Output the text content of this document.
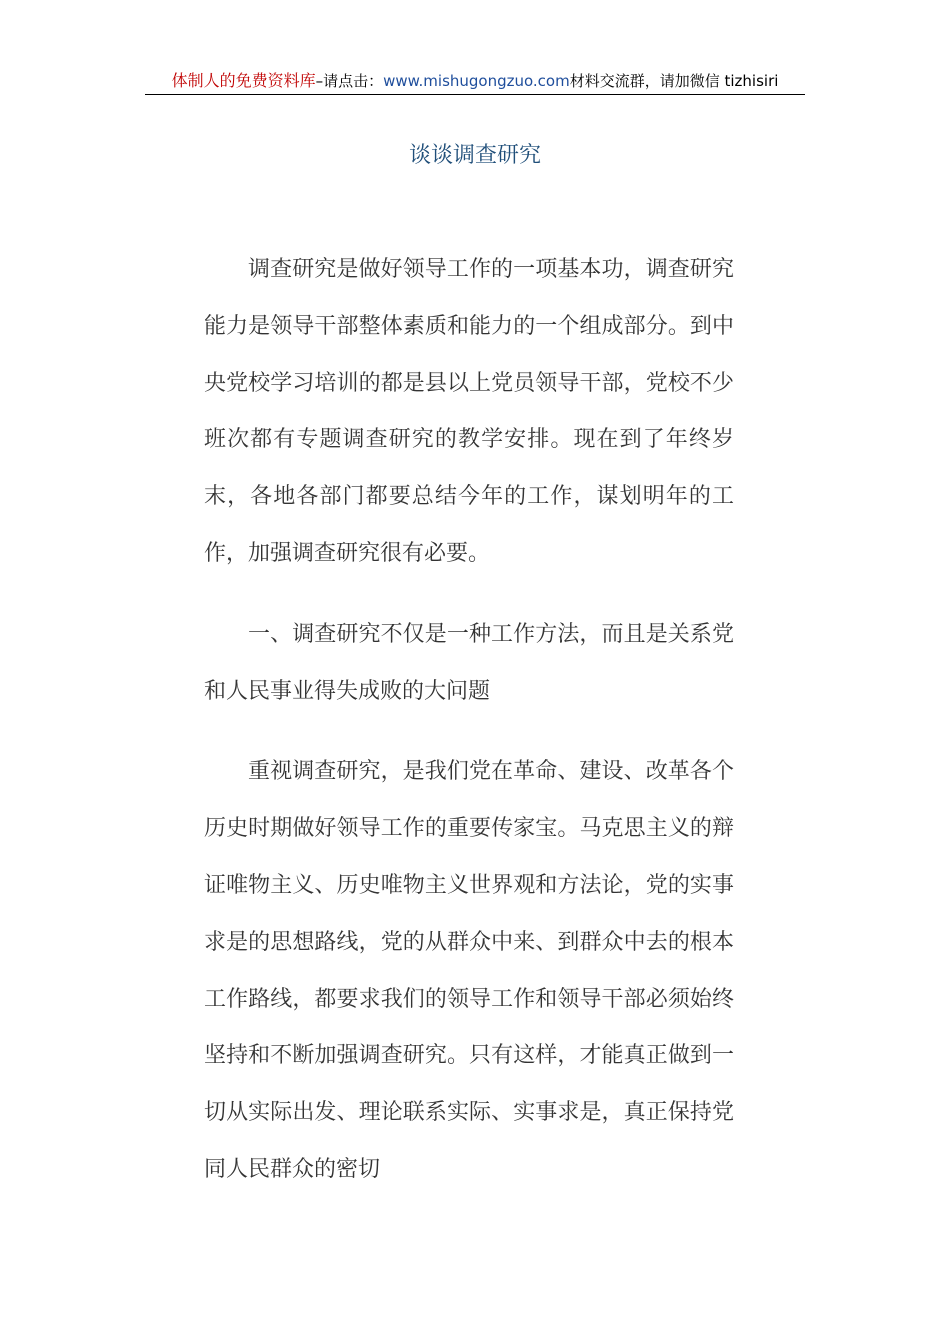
体制人的免费资料库–请点击：www.mishugongzuo.com材料交流群，请加微信 tizhisiri
谈谈调查研究

调查研究是做好领导工作的一项基本功，调查研究能力是领导干部整体素质和能力的一个组成部分。到中央党校学习培训的都是县以上党员领导干部，党校不少班次都有专题调查研究的教学安排。现在到了年终岁末，各地各部门都要总结今年的工作，谋划明年的工作，加强调查研究很有必要。

一、调查研究不仅是一种工作方法，而且是关系党和人民事业得失成败的大问题

重视调查研究，是我们党在革命、建设、改革各个历史时期做好领导工作的重要传家宝。马克思主义的辩证唯物主义、历史唯物主义世界观和方法论，党的实事求是的思想路线，党的从群众中来、到群众中去的根本工作路线，都要求我们的领导工作和领导干部必须始终坚持和不断加强调查研究。只有这样，才能真正做到一切从实际出发、理论联系实际、实事求是，真正保持党同人民群众的密切
